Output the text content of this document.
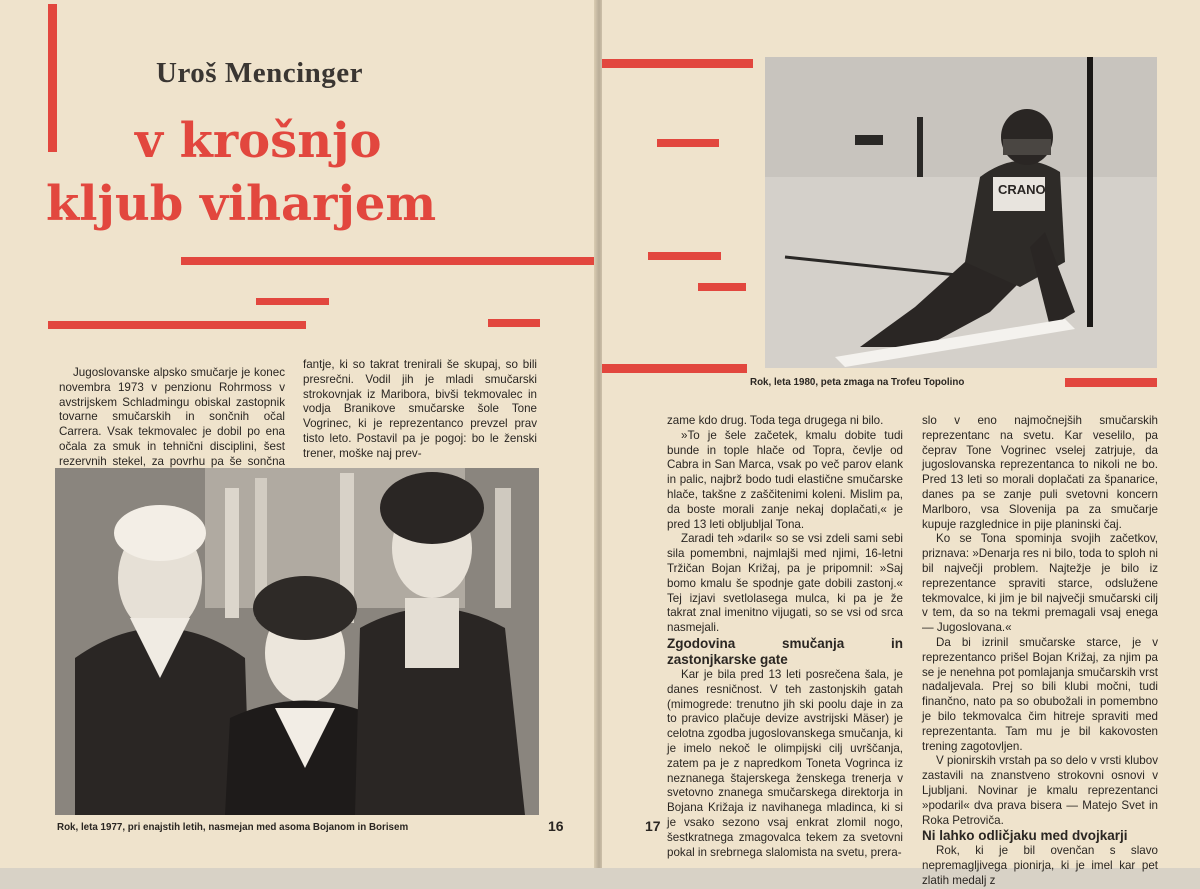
Uroš Mencinger
v krošnjo
kljub viharjem

Jugoslovanske alpsko smučarje je konec novembra 1973 v penzionu Rohrmoss v avstrijskem Schladmingu obiskal zastopnik tovarne smučarskih in sončnih očal Carrera. Vsak tekmovalec je dobil po ena očala za smuk in tehnični disciplini, šest rezervnih stekel, za povrhu pa še sončna

fantje, ki so takrat trenirali še skupaj, so bili presrečni. Vodil jih je mladi smučarski strokovnjak iz Maribora, bivši tekmovalec in vodja Branikove smučarske šole Tone Vogrinec, ki je reprezentanco prevzel prav tisto leto. Postavil pa je pogoj: bo le ženski trener, moške naj prev-

Rok, leta 1977, pri enajstih letih, nasmejan med asoma Bojanom in Borisem	16
CRANO
Rok, leta 1980, peta zmaga na Trofeu Topolino

zame kdo drug. Toda tega drugega ni bilo.

»To je šele začetek, kmalu dobite tudi bunde in tople hlače od Topra, čevlje od Cabra in San Marca, vsak po več parov elank in palic, najbrž bodo tudi elastične smučarske hlače, takšne z zaščitenimi koleni. Mislim pa, da boste morali zanje nekaj doplačati,« je pred 13 leti obljubljal Tona.

Zaradi teh »daril« so se vsi zdeli sami sebi sila pomembni, najmlajši med njimi, 16-letni Tržičan Bojan Križaj, pa je pripomnil: »Saj bomo kmalu še spodnje gate dobili zastonj.« Tej izjavi svetlolasega mulca, ki pa je že takrat znal imenitno vijugati, so se vsi od srca nasmejali.

Zgodovina smučanja in zastonjkarske gate

Kar je bila pred 13 leti posrečena šala, je danes resničnost. V teh zastonjskih gatah (mimogrede: trenutno jih ski poolu daje in za to pravico plačuje devize avstrijski Mäser) je celotna zgodba jugoslovanskega smučanja, ki je imelo nekoč le olimpijski cilj uvrščanja, zatem pa je z napredkom Toneta Vogrinca iz neznanega štajerskega ženskega trenerja v svetovno znanega smučarskega direktorja in Bojana Križaja iz navihanega mladinca, ki si je vsako sezono vsaj enkrat zlomil nogo, šestkratnega zmagovalca tekem za svetovni pokal in srebrnega slalomista na svetu, prera-

slo v eno najmočnejših smučarskih reprezentanc na svetu. Kar veselilo, pa čeprav Tone Vogrinec vselej zatrjuje, da jugoslovanska reprezentanca to nikoli ne bo. Pred 13 leti so morali doplačati za španarice, danes pa se zanje puli svetovni koncern Marlboro, vsa Slovenija pa za smučarje kupuje razglednice in pije planinski čaj.

Ko se Tona spominja svojih začetkov, priznava: »Denarja res ni bilo, toda to sploh ni bil največji problem. Najtežje je bilo iz reprezentance spraviti starce, odslužene tekmovalce, ki jim je bil največji smučarski cilj v tem, da so na tekmi premagali vsaj enega — Jugoslovana.«

Da bi izrinil smučarske starce, je v reprezentanco prišel Bojan Križaj, za njim pa se je nenehna pot pomlajanja smučarskih vrst nadaljevala. Prej so bili klubi močni, tudi finančno, nato pa so obubožali in pomembno je bilo tekmovalca čim hitreje spraviti med reprezentanta. Tam mu je bil kakovosten trening zagotovljen.

V pionirskih vrstah pa so delo v vrsti klubov zastavili na znanstveno strokovni osnovi v Ljubljani. Novinar je kmalu reprezentanci »podaril« dva prava bisera — Matejo Svet in Roka Petroviča.

Ni lahko odličjaku med dvojkarji

Rok, ki je bil ovenčan s slavo nepremagljivega pionirja, ki je imel kar pet zlatih medalj z

17
